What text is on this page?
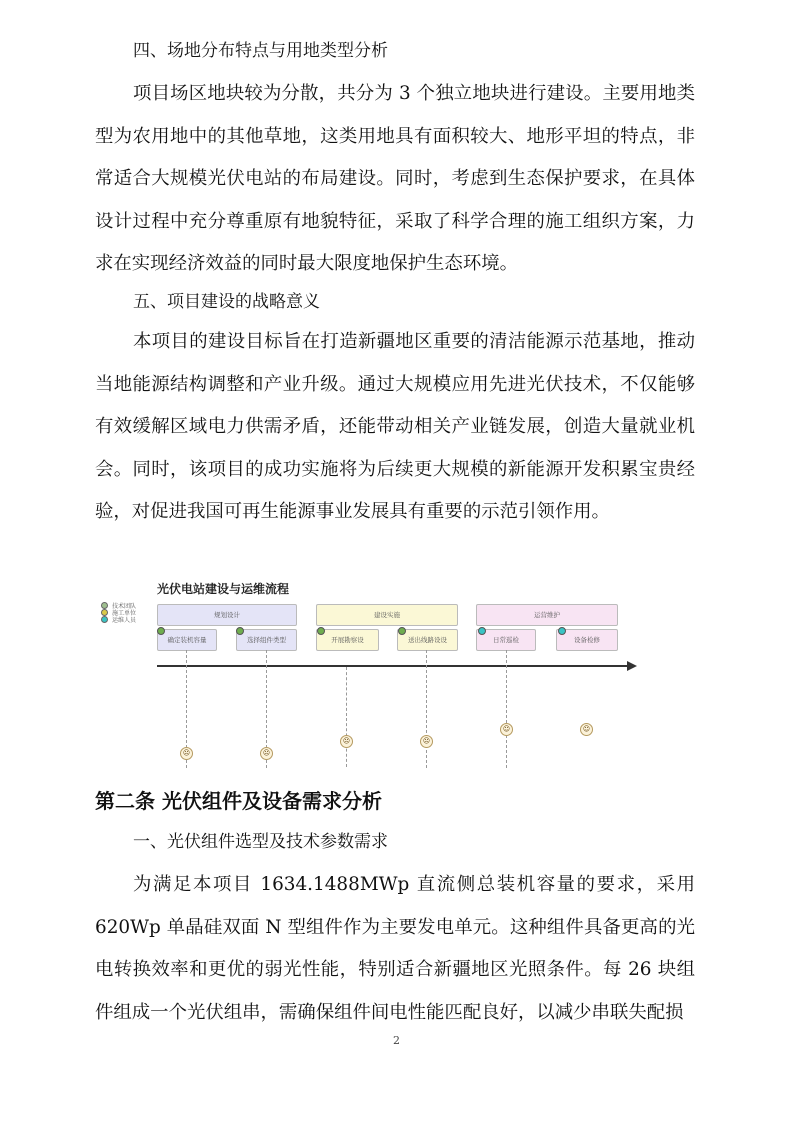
四、场地分布特点与用地类型分析

项目场区地块较为分散，共分为 3 个独立地块进行建设。主要用地类型为农用地中的其他草地，这类用地具有面积较大、地形平坦的特点，非常适合大规模光伏电站的布局建设。同时，考虑到生态保护要求，在具体设计过程中充分尊重原有地貌特征，采取了科学合理的施工组织方案，力求在实现经济效益的同时最大限度地保护生态环境。

五、项目建设的战略意义

本项目的建设目标旨在打造新疆地区重要的清洁能源示范基地，推动当地能源结构调整和产业升级。通过大规模应用先进光伏技术，不仅能够有效缓解区域电力供需矛盾，还能带动相关产业链发展，创造大量就业机会。同时，该项目的成功实施将为后续更大规模的新能源开发积累宝贵经验，对促进我国可再生能源事业发展具有重要的示范引领作用。

光伏电站建设与运维流程
技术团队
施工单位
运维人员
规划设计	建设实施	运营维护
确定装机容量	选择组件类型	开展勘察设	送出线路设设	日常巡检	设备检修
☹	☹
☹	☹
☺	☺

第二条 光伏组件及设备需求分析

一、光伏组件选型及技术参数需求

为满足本项目 1634.1488MWp 直流侧总装机容量的要求，采用 620Wp 单晶硅双面 N 型组件作为主要发电单元。这种组件具备更高的光电转换效率和更优的弱光性能，特别适合新疆地区光照条件。每 26 块组件组成一个光伏组串，需确保组件间电性能匹配良好，以减少串联失配损

2
